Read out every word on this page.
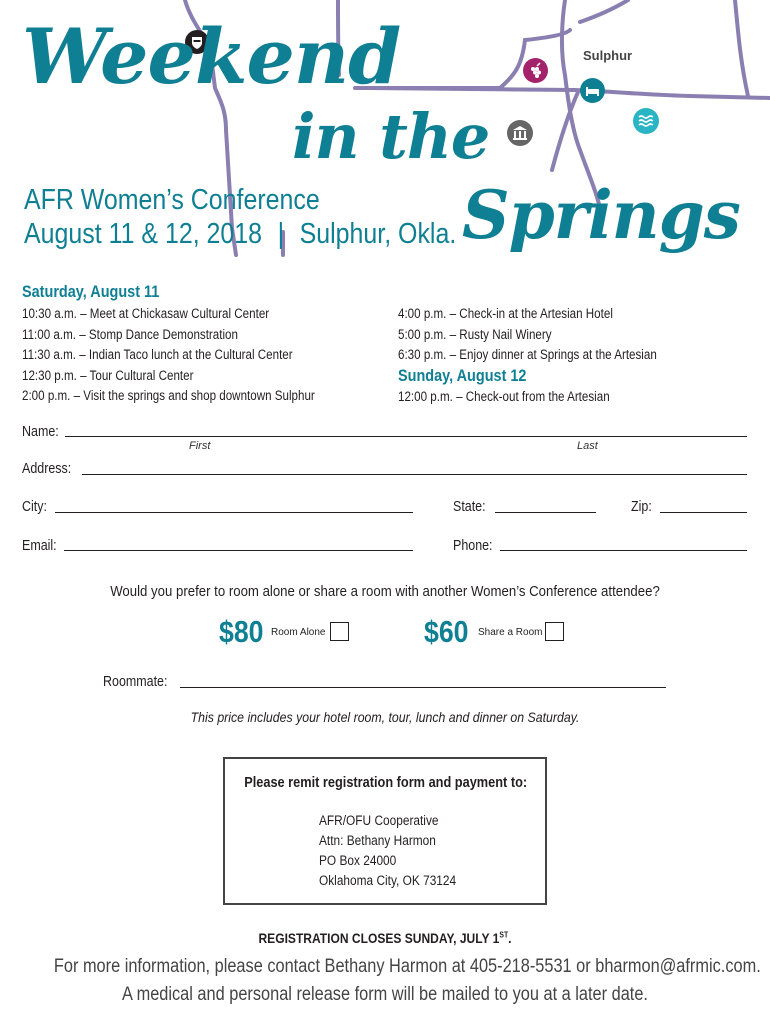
Sulphur
Weekend
in the
Springs
AFR Women’s Conference
August 11 & 12, 2018 | Sulphur, Okla.
Saturday, August 11
10:30 a.m. – Meet at Chickasaw Cultural Center
11:00 a.m. – Stomp Dance Demonstration
11:30 a.m. – Indian Taco lunch at the Cultural Center
12:30 p.m. – Tour Cultural Center
2:00 p.m. – Visit the springs and shop downtown Sulphur
4:00 p.m. – Check-in at the Artesian Hotel
5:00 p.m. – Rusty Nail Winery
6:30 p.m. – Enjoy dinner at Springs at the Artesian
Sunday, August 12
12:00 p.m. – Check-out from the Artesian
Name:
First	Last
Address:
City:	State:	Zip:
Email:	Phone:
Would you prefer to room alone or share a room with another Women’s Conference attendee?
$80 Room Alone	$60 Share a Room
Roommate:
This price includes your hotel room, tour, lunch and dinner on Saturday.
Please remit registration form and payment to:
AFR/OFU Cooperative
Attn: Bethany Harmon
PO Box 24000
Oklahoma City, OK 73124
REGISTRATION CLOSES SUNDAY, JULY 1ST.
For more information, please contact Bethany Harmon at 405-218-5531 or bharmon@afrmic.com.
A medical and personal release form will be mailed to you at a later date.
